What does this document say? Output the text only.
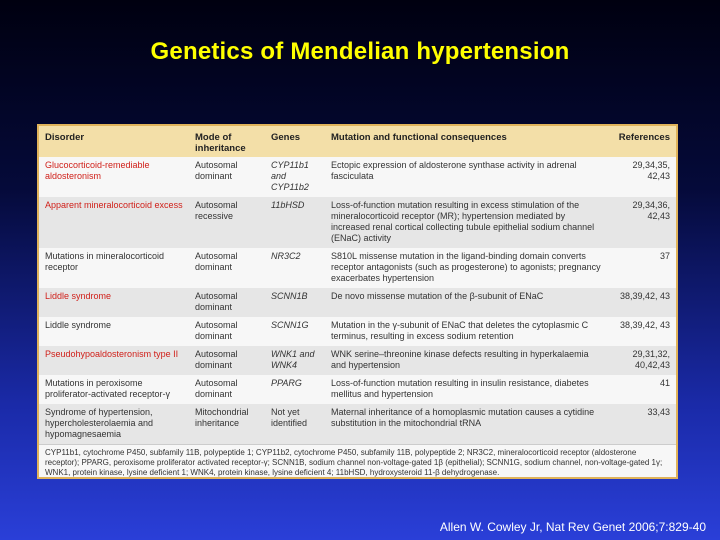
Genetics of Mendelian hypertension
Disorder	Mode of inheritance	Genes	Mutation and functional consequences	References
Glucocorticoid-remediable aldosteronism	Autosomal dominant	CYP11b1 and CYP11b2	Ectopic expression of aldosterone synthase activity in adrenal fasciculata	29,34,35, 42,43
Apparent mineralocorticoid excess	Autosomal recessive	11bHSD	Loss-of-function mutation resulting in excess stimulation of the mineralocorticoid receptor (MR); hypertension mediated by increased renal cortical collecting tubule epithelial sodium channel (ENaC) activity	29,34,36, 42,43
Mutations in mineralocorticoid receptor	Autosomal dominant	NR3C2	S810L missense mutation in the ligand-binding domain converts receptor antagonists (such as progesterone) to agonists; pregnancy exacerbates hypertension	37
Liddle syndrome	Autosomal dominant	SCNN1B	De novo missense mutation of the β-subunit of ENaC	38,39,42, 43
Liddle syndrome	Autosomal dominant	SCNN1G	Mutation in the γ-subunit of ENaC that deletes the cytoplasmic C terminus, resulting in excess sodium retention	38,39,42, 43
Pseudohypoaldosteronism type II	Autosomal dominant	WNK1 and WNK4	WNK serine–threonine kinase defects resulting in hyperkalaemia and hypertension	29,31,32, 40,42,43
Mutations in peroxisome proliferator-activated receptor-γ	Autosomal dominant	PPARG	Loss-of-function mutation resulting in insulin resistance, diabetes mellitus and hypertension	41
Syndrome of hypertension, hypercholesterolaemia and hypomagnesaemia	Mitochondrial inheritance	Not yet identified	Maternal inheritance of a homoplasmic mutation causes a cytidine substitution in the mitochondrial tRNA	33,43
CYP11b1, cytochrome P450, subfamily 11B, polypeptide 1; CYP11b2, cytochrome P450, subfamily 11B, polypeptide 2; NR3C2, mineralocorticoid receptor (aldosterone receptor); PPARG, peroxisome proliferator activated receptor-γ; SCNN1B, sodium channel non-voltage-gated 1β (epithelial); SCNN1G, sodium channel, non-voltage-gated 1γ; WNK1, protein kinase, lysine deficient 1; WNK4, protein kinase, lysine deficient 4; 11bHSD, hydroxysteroid 11-β dehydrogenase.
Allen W. Cowley Jr, Nat Rev Genet 2006;7:829-40
